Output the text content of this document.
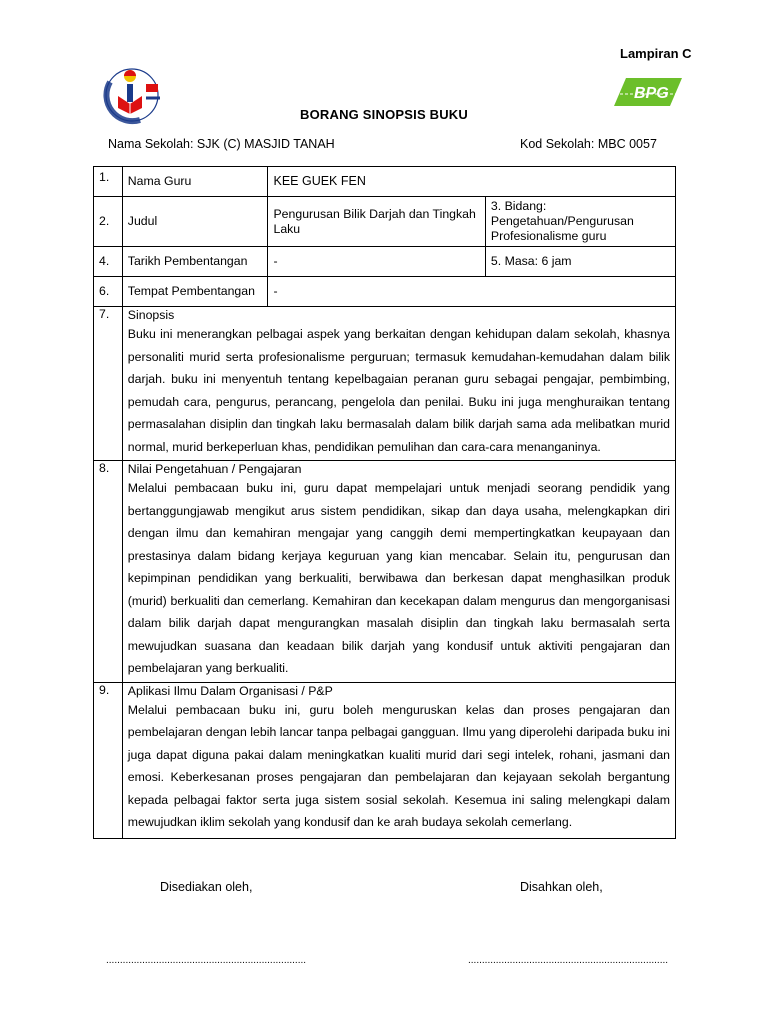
BPG
Lampiran C
BORANG SINOPSIS BUKU
Nama Sekolah: SJK (C) MASJID TANAH	Kod Sekolah: MBC 0057
1.	Nama Guru	KEE GUEK FEN	
2.	Judul	Pengurusan Bilik Darjah dan Tingkah Laku	3. Bidang: Pengetahuan/Pengurusan Profesionalisme guru
4.	Tarikh Pembentangan	-	5. Masa: 6 jam
6.	Tempat Pembentangan	-	
7.	Sinopsis

Buku ini menerangkan pelbagai aspek yang berkaitan dengan kehidupan dalam sekolah, khasnya personaliti murid serta profesionalisme perguruan; termasuk kemudahan-kemudahan dalam bilik darjah. buku ini menyentuh tentang kepelbagaian peranan guru sebagai pengajar, pembimbing, pemudah cara, pengurus, perancang, pengelola dan penilai. Buku ini juga menghuraikan tentang permasalahan disiplin dan tingkah laku bermasalah dalam bilik darjah sama ada melibatkan murid normal, murid berkeperluan khas, pendidikan pemulihan dan cara-cara menanganinya.		

8.	Nilai Pengetahuan / Pengajaran

Melalui pembacaan buku ini, guru dapat mempelajari untuk menjadi seorang pendidik yang bertanggungjawab mengikut arus sistem pendidikan, sikap dan daya usaha, melengkapkan diri dengan ilmu dan kemahiran mengajar yang canggih demi mempertingkatkan keupayaan dan prestasinya dalam bidang kerjaya keguruan yang kian mencabar. Selain itu, pengurusan dan kepimpinan pendidikan yang berkualiti, berwibawa dan berkesan dapat menghasilkan produk (murid) berkualiti dan cemerlang. Kemahiran dan kecekapan dalam mengurus dan mengorganisasi dalam bilik darjah dapat mengurangkan masalah disiplin dan tingkah laku bermasalah serta mewujudkan suasana dan keadaan bilik darjah yang kondusif untuk aktiviti pengajaran dan pembelajaran yang berkualiti.		

9.	Aplikasi Ilmu Dalam Organisasi / P&P

Melalui pembacaan buku ini, guru boleh menguruskan kelas dan proses pengajaran dan pembelajaran dengan lebih lancar tanpa pelbagai gangguan. Ilmu yang diperolehi daripada buku ini juga dapat diguna pakai dalam meningkatkan kualiti murid dari segi intelek, rohani, jasmani dan emosi. Keberkesanan proses pengajaran dan pembelajaran dan kejayaan sekolah bergantung kepada pelbagai faktor serta juga sistem sosial sekolah. Kesemua ini saling melengkapi dalam mewujudkan iklim sekolah yang kondusif dan ke arah budaya sekolah cemerlang.		

Disediakan oleh,	Disahkan oleh,
........................................................................	........................................................................
